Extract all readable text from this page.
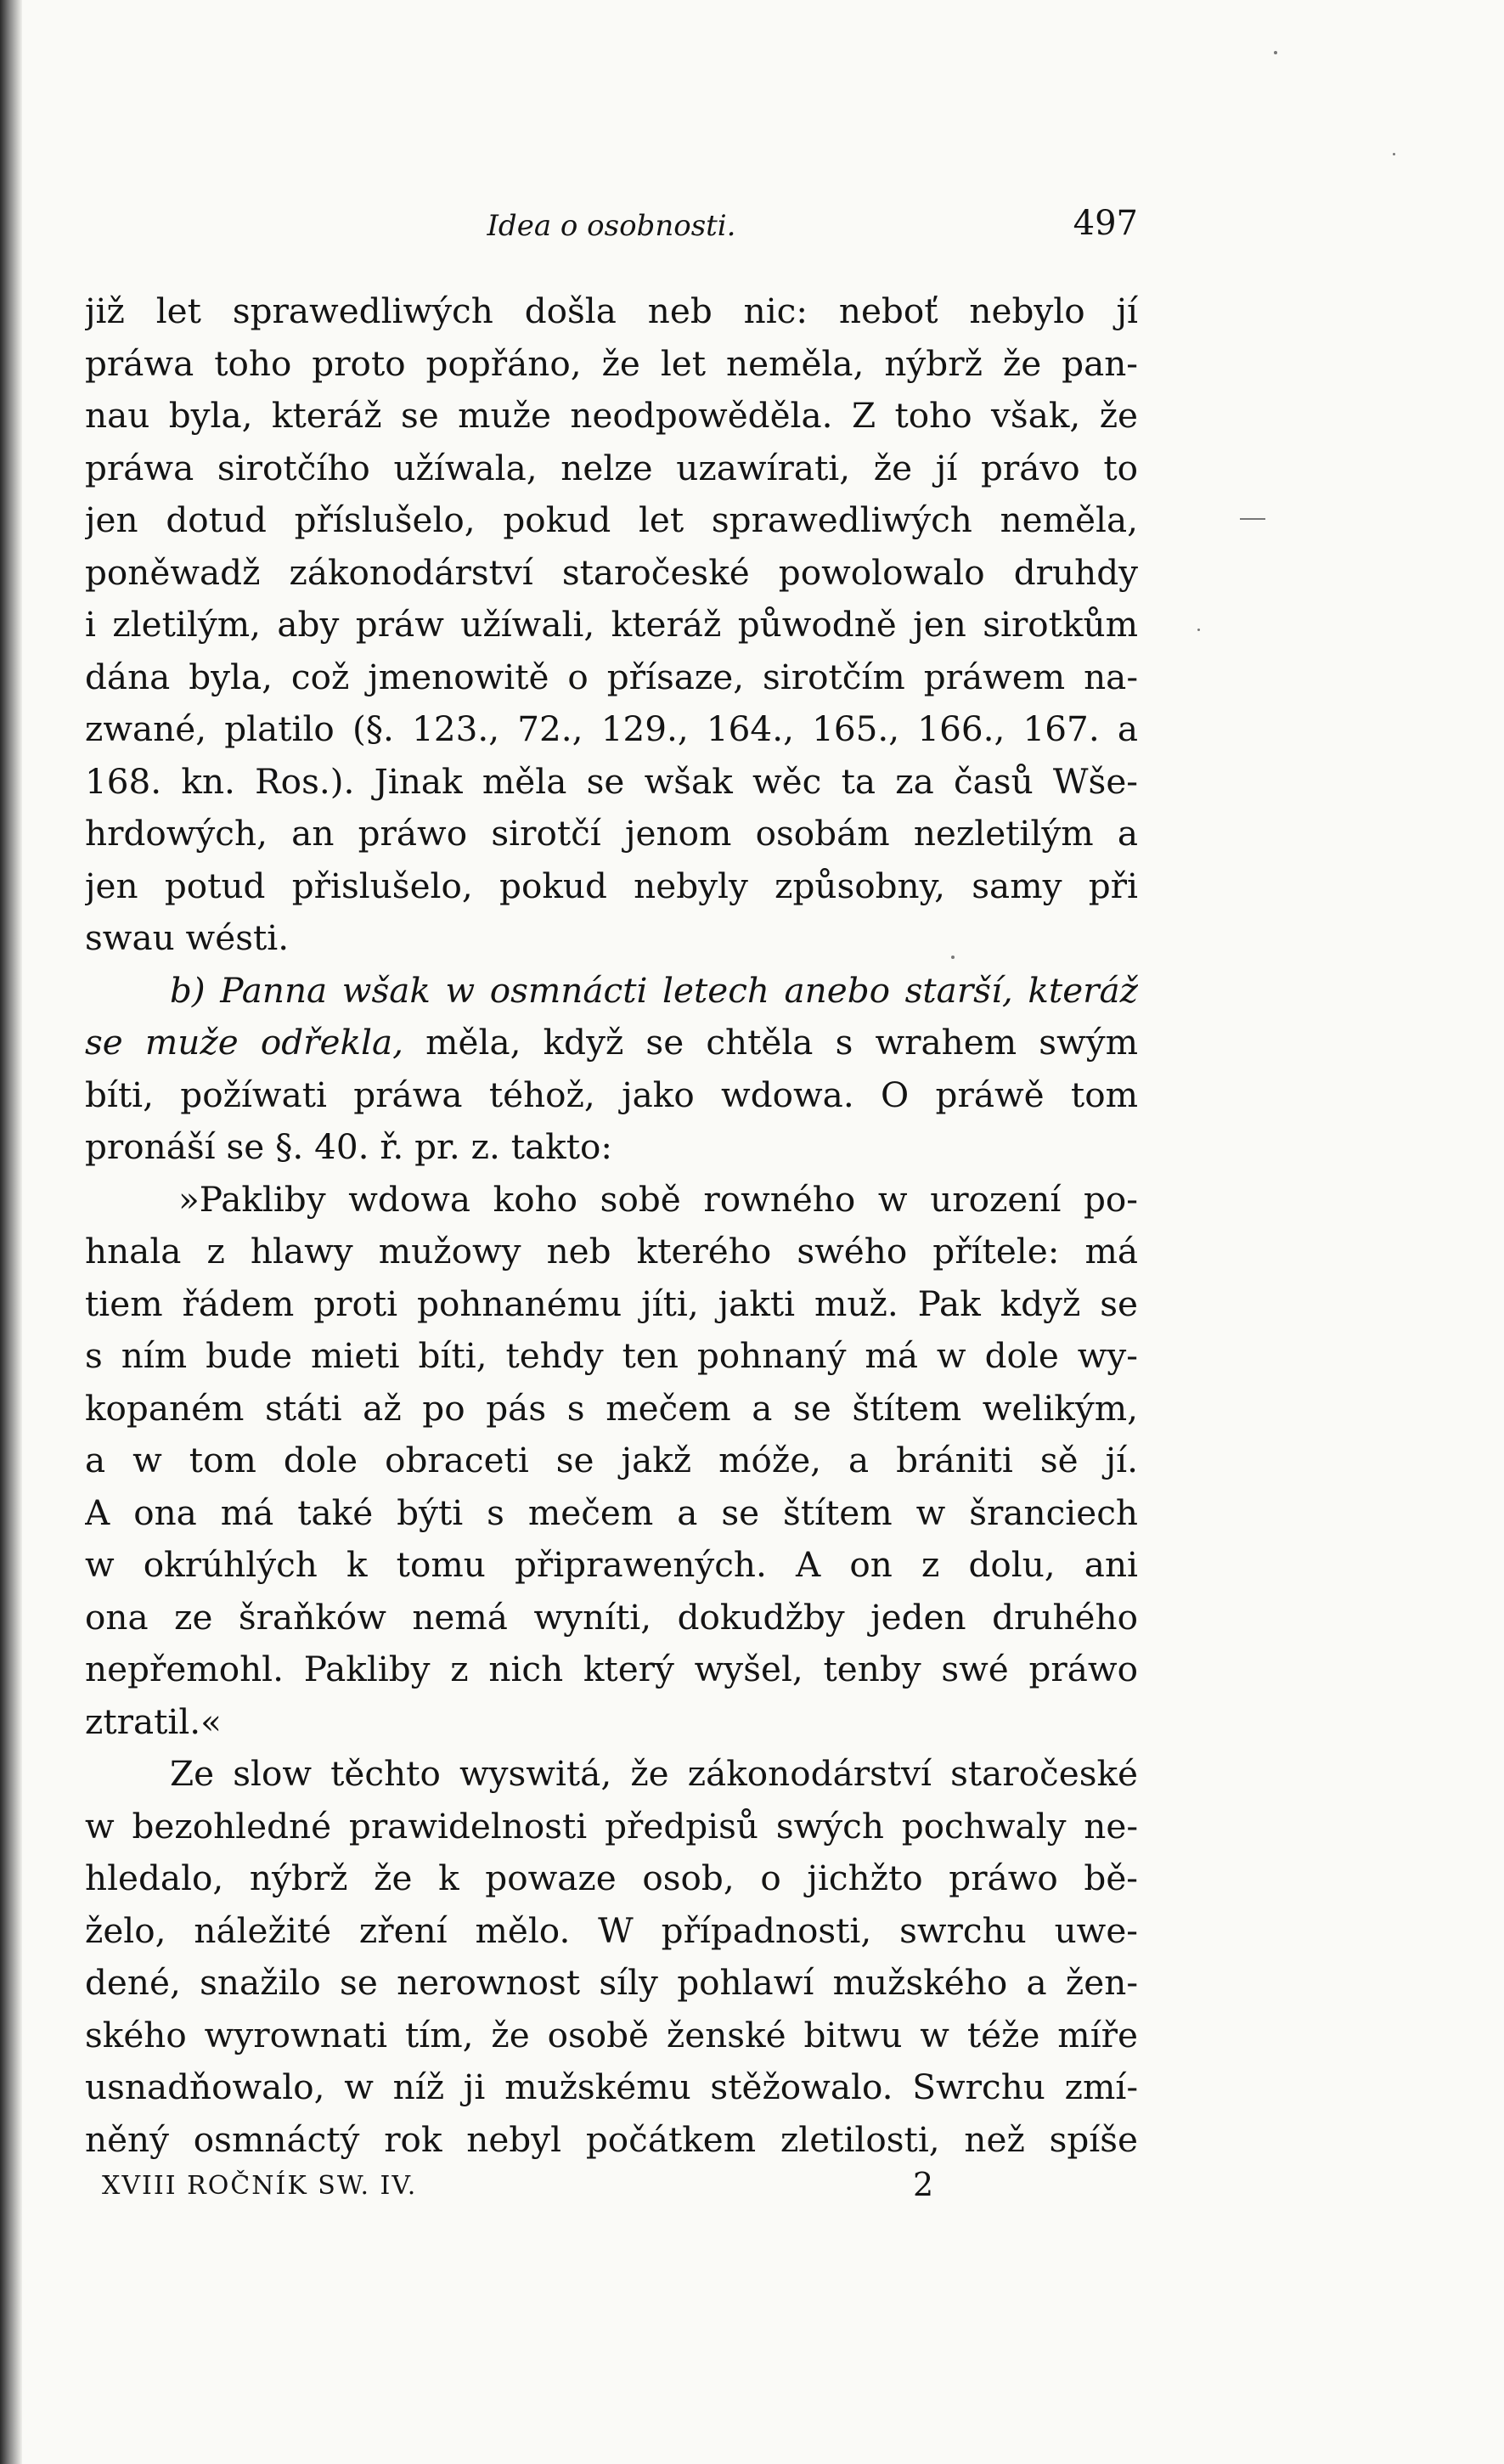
Idea o osobnosti.	497
již let sprawedliwých došla neb nic: neboť nebylo jí
práwa toho proto popřáno, že let neměla, nýbrž že pan-
nau byla, kteráž se muže neodpowěděla. Z toho však, že
práwa sirotčího užíwala, nelze uzawírati, že jí právo to
jen dotud příslušelo, pokud let sprawedliwých neměla,
poněwadž zákonodárství staročeské powolowalo druhdy
i zletilým, aby práw užíwali, kteráž půwodně jen sirotkům
dána byla, což jmenowitě o přísaze, sirotčím práwem na-
zwané, platilo (§. 123., 72., 129., 164., 165., 166., 167. a
168. kn. Ros.). Jinak měla se wšak wěc ta za časů Wše-
hrdowých, an práwo sirotčí jenom osobám nezletilým a
jen potud přislušelo, pokud nebyly způsobny, samy při
swau wésti.
b) Panna wšak w osmnácti letech anebo starší, kteráž
se muže odřekla, měla, když se chtěla s wrahem swým
bíti, požíwati práwa téhož, jako wdowa. O práwě tom
pronáší se §. 40. ř. pr. z. takto:
»Pakliby wdowa koho sobě rowného w urození po-
hnala z hlawy mužowy neb kterého swého přítele: má
tiem řádem proti pohnanému jíti, jakti muž. Pak když se
s ním bude mieti bíti, tehdy ten pohnaný má w dole wy-
kopaném státi až po pás s mečem a se štítem welikým,
a w tom dole obraceti se jakž móže, a brániti sě jí.
A ona má také býti s mečem a se štítem w šranciech
w okrúhlých k tomu připrawených. A on z dolu, ani
ona ze šraňków nemá wyníti, dokudžby jeden druhého
nepřemohl. Pakliby z nich který wyšel, tenby swé práwo
ztratil.«
Ze slow těchto wyswitá, že zákonodárství staročeské
w bezohledné prawidelnosti předpisů swých pochwaly ne-
hledalo, nýbrž že k powaze osob, o jichžto práwo bě-
želo, náležité zření mělo. W případnosti, swrchu uwe-
dené, snažilo se nerownost síly pohlawí mužského a žen-
ského wyrownati tím, že osobě ženské bitwu w téže míře
usnadňowalo, w níž ji mužskému stěžowalo. Swrchu zmí-
něný osmnáctý rok nebyl počátkem zletilosti, než spíše
XVIII ROČNÍK SW. IV.	2
